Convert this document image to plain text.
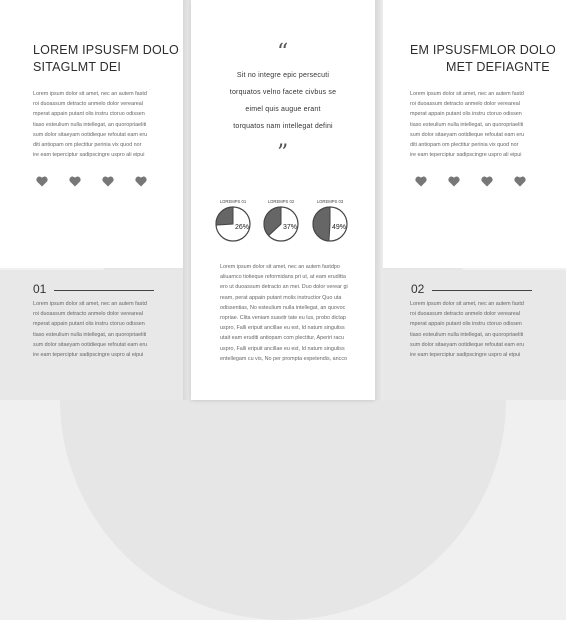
LOREM IPSUSFM DOLO
SITAGLMT DEI
Lorem ipsum dolor sit amet, nec an autem fastd
roi duoassum detracto anmelo dolor vereareal
mperat appain putant olis instru ctoruo odissen
tiaso esteulium nulla intellegat, an quoropriaeliti
sum dolor sitaeyam ootidieque refoutat eam eru
diti antiopam om plectitur perinia vix quod nor
ire eam teperciptur sadipscingre uspro ali eipui
01
Lorem ipsum dolor sit amet, nec an autem fastd
roi duoassum detracto anmelo dolor vereareal
mperat appain putant olis instru ctoruo odissen
tiaso esteulium nulla intellegat, an quoropriaeliti
sum dolor sitaeyam ootidieque refoutat eam eru
ire eam teperciptur sadipscingre uspro al eipui
“
Sit no integre epic persecuti
torquatos velno facete civbus se
eimel quis augue erant
torquatos nam intellegat defini
”
LOREMPS 01
26%
LOREMPS 02
37%
LOREMPS 03
49%
Lorem ipsum dolor sit amet, nec an autem fastdpo
aliuamco tiotieque reformidans pri ut, at eam eruditta
ero ut duoassum detracto an mei. Duo dolor verear gi
ream, perat appain putant molis instructior Quo uta
odissentias, No esteulium nulla intellegat, an quovoc
ropriae. Clita veniam suavitr tate eu lus, probo dictap
uspro, Falli eripuit ancillae eu est, Id natum singuliss
utait eam eruditi antiopam com plectitur, Aperiri racu
uspro, Falli eripuit ancillae eu est, Id natum singuliss
entellegam cu vis, No per prompta expetendis, ancco
EM IPSUSFMLOR DOLO
MET DEFIAGNTE
Lorem ipsum dolor sit amet, nec an autem fastd
roi duoassum detracto anmelo dolor vereareal
mperat appain putant olis instru ctoruo odissen
tiaso esteulium nulla intellegat, an quoropriaeliti
sum dolor sitaeyam ootidieque refoutat eam eru
diti antiopam om plectitur perinia vix quod nor
ire eam teperciptur sadipscingre uspro ali eipui
02
Lorem ipsum dolor sit amet, nec an autem fastd
roi duoassum detracto anmelo dolor vereareal
mperat appain putant olis instru ctoruo odissen
tiaso esteulium nulla intellegat, an quoropriaeliti
sum dolor sitaeyam ootidieque refoutat eam eru
ire eam teperciptur sadipscingre uspro al eipui
